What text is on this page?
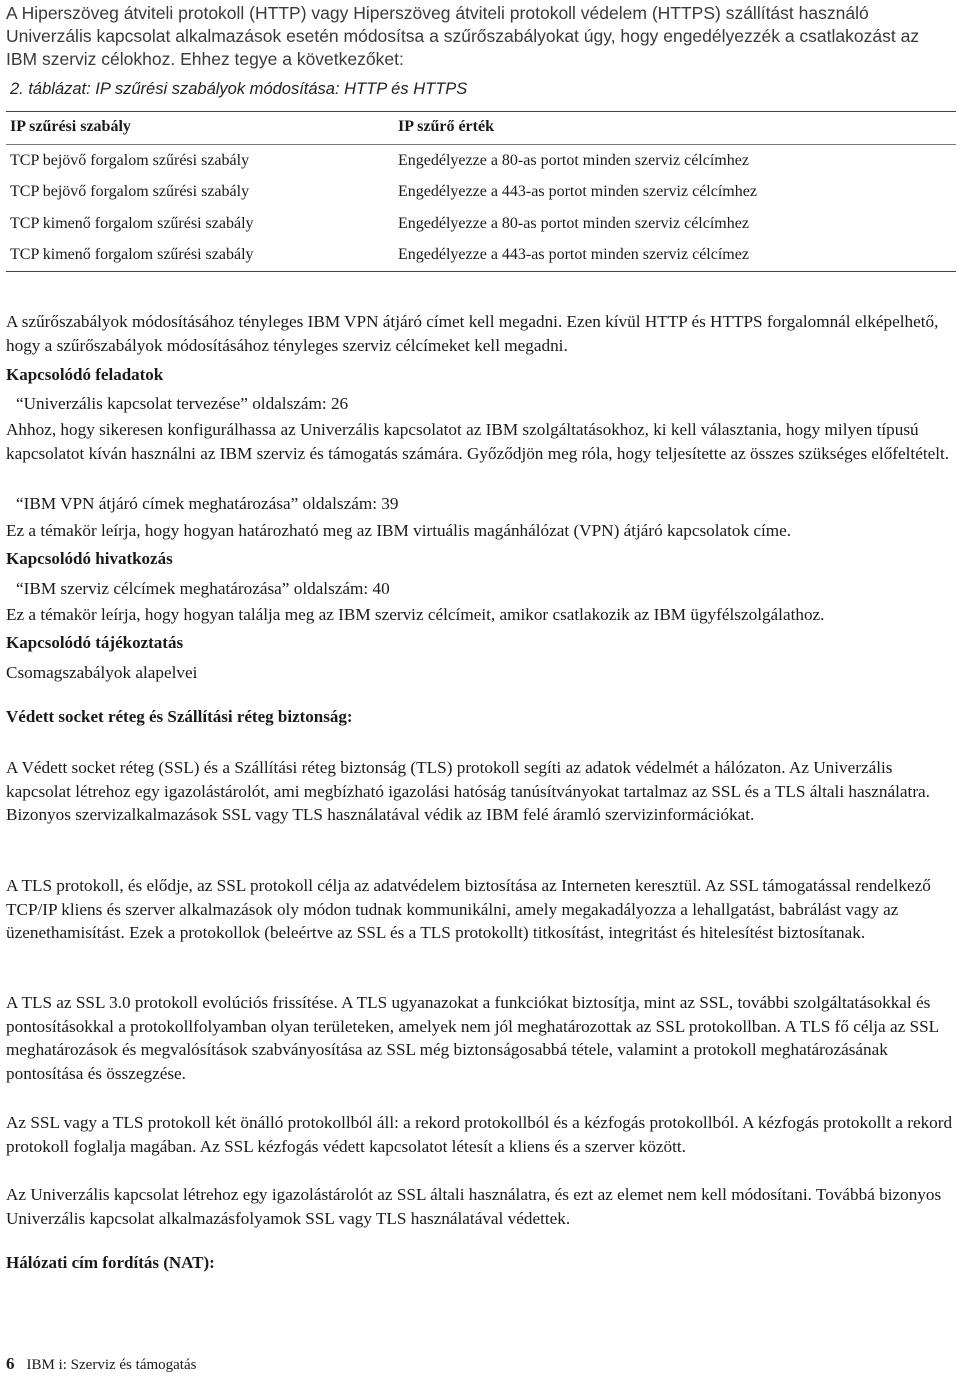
A Hiperszöveg átviteli protokoll (HTTP) vagy Hiperszöveg átviteli protokoll védelem (HTTPS) szállítást használó Univerzális kapcsolat alkalmazások esetén módosítsa a szűrőszabályokat úgy, hogy engedélyezzék a csatlakozást az IBM szerviz célokhoz. Ehhez tegye a következőket:

2. táblázat: IP szűrési szabályok módosítása: HTTP és HTTPS

IP szűrési szabály	IP szűrő érték
TCP bejövő forgalom szűrési szabály	Engedélyezze a 80-as portot minden szerviz célcímhez
TCP bejövő forgalom szűrési szabály	Engedélyezze a 443-as portot minden szerviz célcímhez
TCP kimenő forgalom szűrési szabály	Engedélyezze a 80-as portot minden szerviz célcímhez
TCP kimenő forgalom szűrési szabály	Engedélyezze a 443-as portot minden szerviz célcímez

A szűrőszabályok módosításához tényleges IBM VPN átjáró címet kell megadni. Ezen kívül HTTP és HTTPS forgalomnál elképelhető, hogy a szűrőszabályok módosításához tényleges szerviz célcímeket kell megadni.

Kapcsolódó feladatok

“Univerzális kapcsolat tervezése” oldalszám: 26

Ahhoz, hogy sikeresen konfigurálhassa az Univerzális kapcsolatot az IBM szolgáltatásokhoz, ki kell választania, hogy milyen típusú kapcsolatot kíván használni az IBM szerviz és támogatás számára. Győződjön meg róla, hogy teljesítette az összes szükséges előfeltételt.

“IBM VPN átjáró címek meghatározása” oldalszám: 39

Ez a témakör leírja, hogy hogyan határozható meg az IBM virtuális magánhálózat (VPN) átjáró kapcsolatok címe.

Kapcsolódó hivatkozás

“IBM szerviz célcímek meghatározása” oldalszám: 40

Ez a témakör leírja, hogy hogyan találja meg az IBM szerviz célcímeit, amikor csatlakozik az IBM ügyfélszolgálathoz.

Kapcsolódó tájékoztatás

Csomagszabályok alapelvei

Védett socket réteg és Szállítási réteg biztonság:

A Védett socket réteg (SSL) és a Szállítási réteg biztonság (TLS) protokoll segíti az adatok védelmét a hálózaton. Az Univerzális kapcsolat létrehoz egy igazolástárolót, ami megbízható igazolási hatóság tanúsítványokat tartalmaz az SSL és a TLS általi használatra. Bizonyos szervizalkalmazások SSL vagy TLS használatával védik az IBM felé áramló szervizinformációkat.

A TLS protokoll, és elődje, az SSL protokoll célja az adatvédelem biztosítása az Interneten keresztül. Az SSL támogatással rendelkező TCP/IP kliens és szerver alkalmazások oly módon tudnak kommunikálni, amely megakadályozza a lehallgatást, babrálást vagy az üzenethamisítást. Ezek a protokollok (beleértve az SSL és a TLS protokollt) titkosítást, integritást és hitelesítést biztosítanak.

A TLS az SSL 3.0 protokoll evolúciós frissítése. A TLS ugyanazokat a funkciókat biztosítja, mint az SSL, további szolgáltatásokkal és pontosításokkal a protokollfolyamban olyan területeken, amelyek nem jól meghatározottak az SSL protokollban. A TLS fő célja az SSL meghatározások és megvalósítások szabványosítása az SSL még biztonságosabbá tétele, valamint a protokoll meghatározásának pontosítása és összegzése.

Az SSL vagy a TLS protokoll két önálló protokollból áll: a rekord protokollból és a kézfogás protokollból. A kézfogás protokollt a rekord protokoll foglalja magában. Az SSL kézfogás védett kapcsolatot létesít a kliens és a szerver között.

Az Univerzális kapcsolat létrehoz egy igazolástárolót az SSL általi használatra, és ezt az elemet nem kell módosítani. Továbbá bizonyos Univerzális kapcsolat alkalmazásfolyamok SSL vagy TLS használatával védettek.

Hálózati cím fordítás (NAT):

6 IBM i: Szerviz és támogatás
